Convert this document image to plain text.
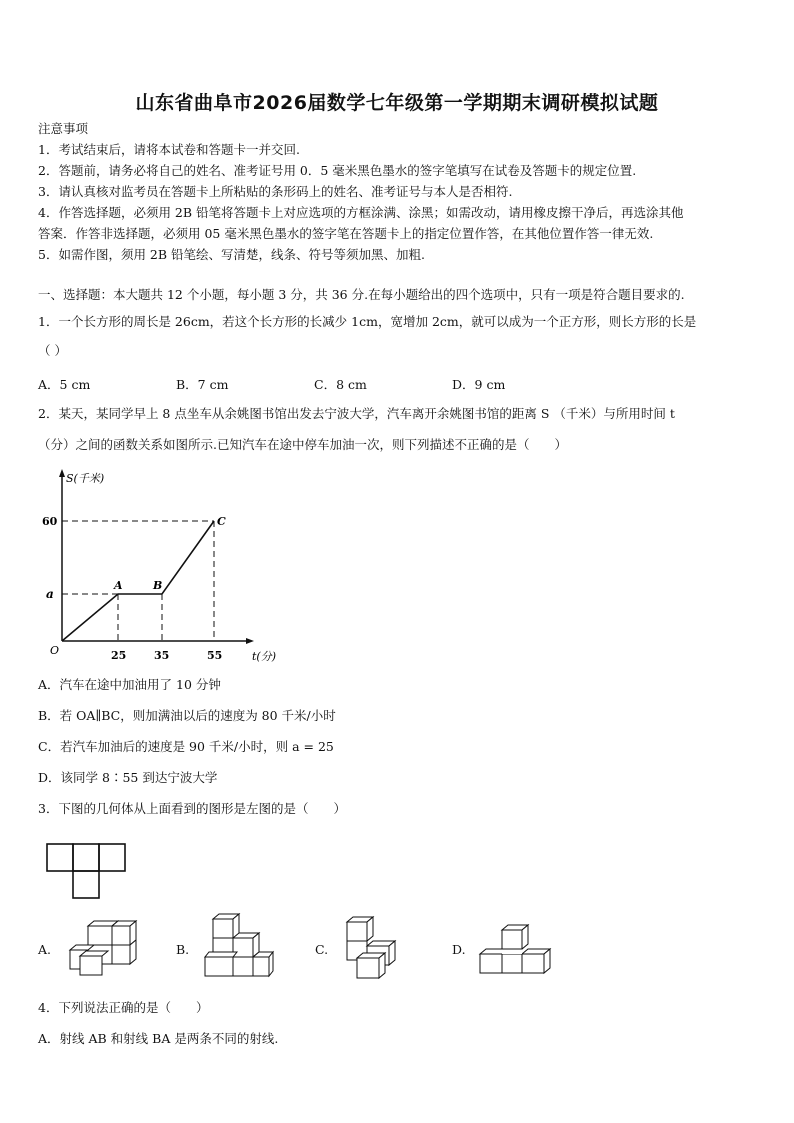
山东省曲阜市2026届数学七年级第一学期期末调研模拟试题
注意事项
1．考试结束后，请将本试卷和答题卡一并交回.
2．答题前，请务必将自己的姓名、准考证号用 0．5 毫米黑色墨水的签字笔填写在试卷及答题卡的规定位置.
3．请认真核对监考员在答题卡上所粘贴的条形码上的姓名、准考证号与本人是否相符.
4．作答选择题，必须用 2B 铅笔将答题卡上对应选项的方框涂满、涂黑；如需改动，请用橡皮擦干净后，再选涂其他
答案．作答非选择题，必须用 05 毫米黑色墨水的签字笔在答题卡上的指定位置作答，在其他位置作答一律无效.
5．如需作图，须用 2B 铅笔绘、写清楚，线条、符号等须加黑、加粗.
一、选择题：本大题共 12 个小题，每小题 3 分，共 36 分.在每小题给出的四个选项中，只有一项是符合题目要求的.
1．一个长方形的周长是 26cm，若这个长方形的长减少 1cm，宽增加 2cm，就可以成为一个正方形，则长方形的长是
（ ）
A．5 cm	B．7 cm	C．8 cm	D．9 cm
2．某天，某同学早上 8 点坐车从余姚图书馆出发去宁波大学，汽车离开余姚图书馆的距离 S （千米）与所用时间 t
（分）之间的函数关系如图所示.已知汽车在途中停车加油一次，则下列描述不正确的是（　　）
S(千米)
t(分)
O
60
a
25	35	55
A	B
C
A．汽车在途中加油用了 10 分钟
B．若 OA∥BC，则加满油以后的速度为 80 千米/小时
C．若汽车加油后的速度是 90 千米/小时，则 a = 25
D．该同学 8∶55 到达宁波大学
3．下图的几何体从上面看到的图形是左图的是（　　）
A.	B.	C.	D.
4．下列说法正确的是（　　）
A．射线 AB 和射线 BA 是两条不同的射线.
